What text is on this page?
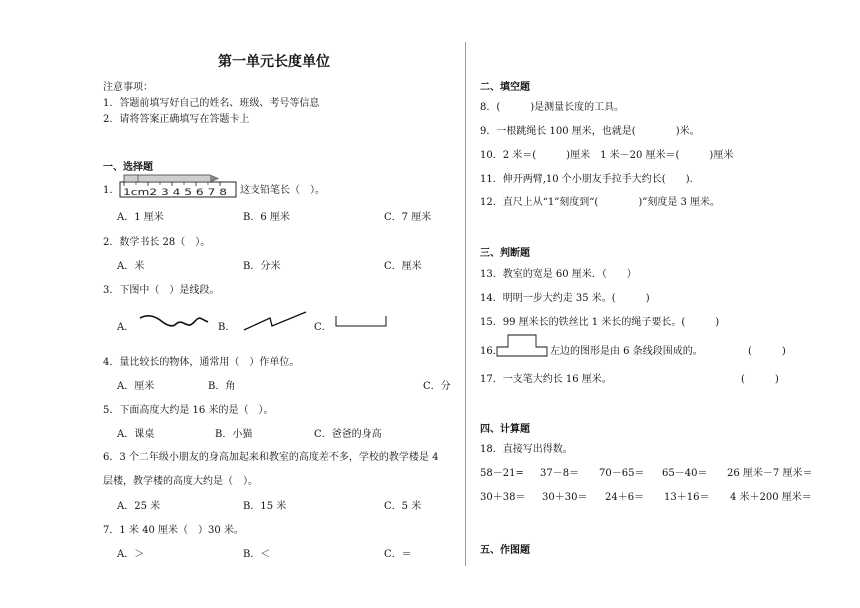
第一单元长度单位
注意事项：
1．答题前填写好自己的姓名、班级、考号等信息
2．请将答案正确填写在答题卡上
一、选择题
1． 1cm2 3 4 5 6 7 8 这支铅笔长（　）。
A．1 厘米	B．6 厘米	C．7 厘米
2．数学书长 28（　）。
A．米	B．分米	C．厘米
3．下图中（　）是线段。
A．	B．	C．
4．量比较长的物体，通常用（　）作单位。
A．厘米	B．角	C．分
5．下面高度大约是 16 米的是（　）。
A．课桌	B．小猫	C．爸爸的身高
6．3 个二年级小朋友的身高加起来和教室的高度差不多，学校的教学楼是 4
层楼，教学楼的高度大约是（　）。
A．25 米	B．15 米	C．5 米
7．1 米 40 厘米（　）30 米。
A．＞	B．＜	C．＝
二、填空题
8．(　　　)是测量长度的工具。
9．一根跳绳长 100 厘米，也就是(　　　　)米。
10．2 米＝(　　　)厘米　1 米－20 厘米＝(　　　)厘米
11．伸开两臂,10 个小朋友手拉手大约长(　　).
12．直尺上从“1”刻度到“(　　　　)”刻度是 3 厘米。
三、判断题
13．教室的宽是 60 厘米．（　　）
14．明明一步大约走 35 米。(　　　)
15．99 厘米长的铁丝比 1 米长的绳子要长。(　　　)
16．	左边的图形是由 6 条线段围成的。	(　　　)
17．一支笔大约长 16 厘米。	(　　　)
四、计算题
18．直接写出得数。
58－21= 37－8＝ 70－65＝ 65－40＝ 26 厘米－7 厘米＝
30＋38＝ 30＋30＝ 24＋6＝ 13＋16＝ 4 米＋200 厘米＝
五、作图题
